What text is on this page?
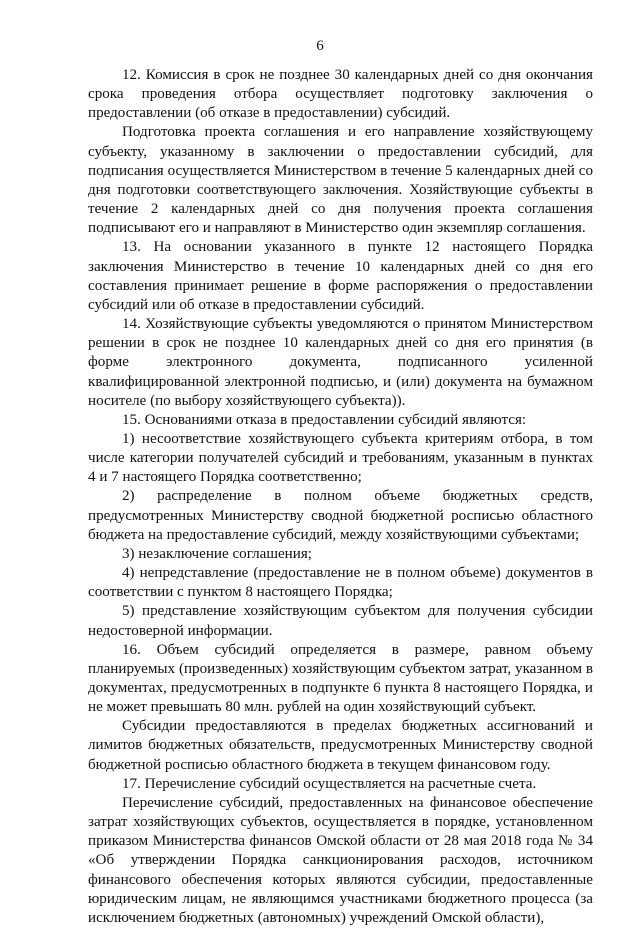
6

12. Комиссия в срок не позднее 30 календарных дней со дня окончания срока проведения отбора осуществляет подготовку заключения о предоставлении (об отказе в предоставлении) субсидий.

Подготовка проекта соглашения и его направление хозяйствующему субъекту, указанному в заключении о предоставлении субсидий, для подписания осуществляется Министерством в течение 5 календарных дней со дня подготовки соответствующего заключения. Хозяйствующие субъекты в течение 2 календарных дней со дня получения проекта соглашения подписывают его и направляют в Министерство один экземпляр соглашения.

13. На основании указанного в пункте 12 настоящего Порядка заключения Министерство в течение 10 календарных дней со дня его составления принимает решение в форме распоряжения о предоставлении субсидий или об отказе в предоставлении субсидий.

14. Хозяйствующие субъекты уведомляются о принятом Министерством решении в срок не позднее 10 календарных дней со дня его принятия (в форме электронного документа, подписанного усиленной квалифицированной электронной подписью, и (или) документа на бумажном носителе (по выбору хозяйствующего субъекта)).

15. Основаниями отказа в предоставлении субсидий являются:

1) несоответствие хозяйствующего субъекта критериям отбора, в том числе категории получателей субсидий и требованиям, указанным в пунктах 4 и 7 настоящего Порядка соответственно;

2) распределение в полном объеме бюджетных средств, предусмотренных Министерству сводной бюджетной росписью областного бюджета на предоставление субсидий, между хозяйствующими субъектами;

3) незаключение соглашения;

4) непредставление (предоставление не в полном объеме) документов в соответствии с пунктом 8 настоящего Порядка;

5) представление хозяйствующим субъектом для получения субсидии недостоверной информации.

16. Объем субсидий определяется в размере, равном объему планируемых (произведенных) хозяйствующим субъектом затрат, указанном в документах, предусмотренных в подпункте 6 пункта 8 настоящего Порядка, и не может превышать 80 млн. рублей на один хозяйствующий субъект.

Субсидии предоставляются в пределах бюджетных ассигнований и лимитов бюджетных обязательств, предусмотренных Министерству сводной бюджетной росписью областного бюджета в текущем финансовом году.

17. Перечисление субсидий осуществляется на расчетные счета.

Перечисление субсидий, предоставленных на финансовое обеспечение затрат хозяйствующих субъектов, осуществляется в порядке, установленном приказом Министерства финансов Омской области от 28 мая 2018 года № 34 «Об утверждении Порядка санкционирования расходов, источником финансового обеспечения которых являются субсидии, предоставленные юридическим лицам, не являющимся участниками бюджетного процесса (за исключением бюджетных (автономных) учреждений Омской области),
